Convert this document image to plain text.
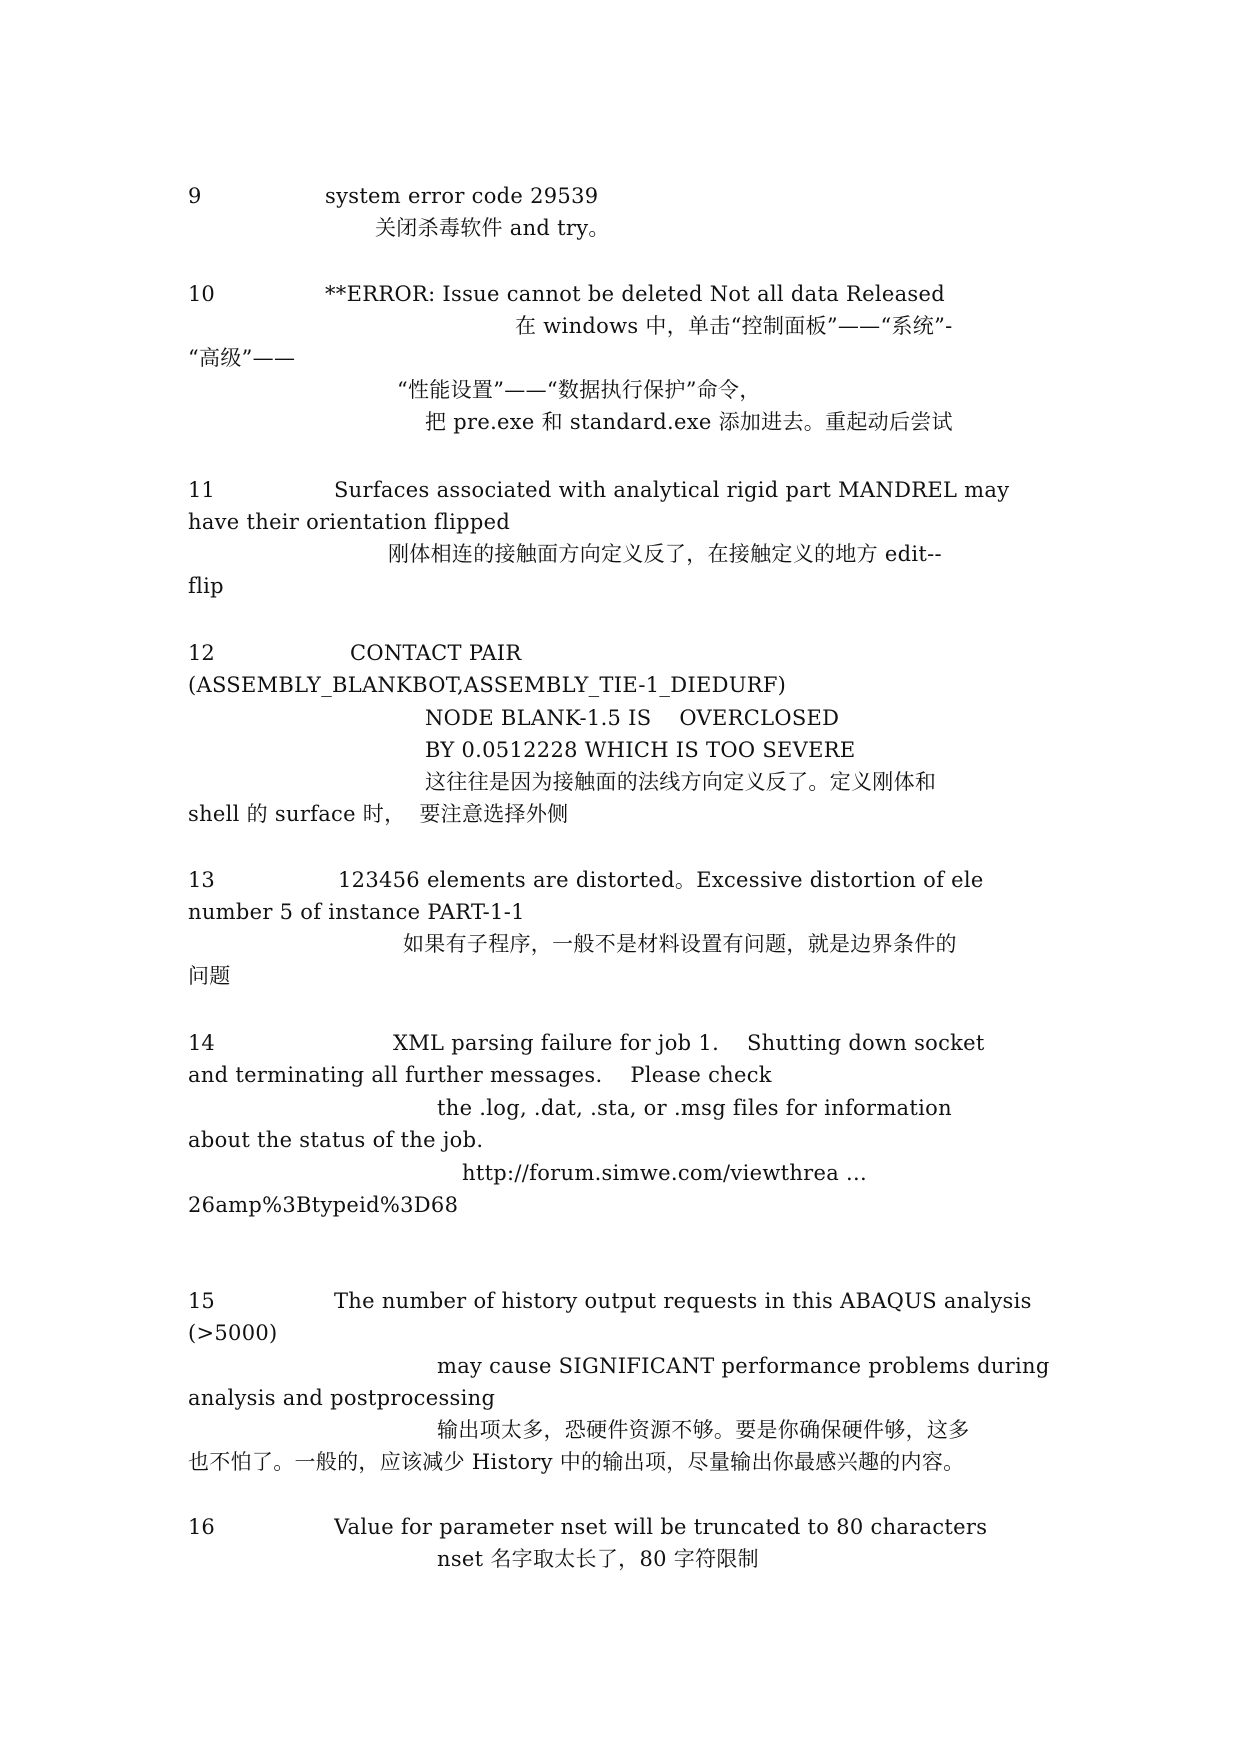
9	system error code 29539
关闭杀毒软件 and try。
10	**ERROR: Issue cannot be deleted Not all data Released
在 windows 中，单击“控制面板”——“系统”-
“高级”——
“性能设置”——“数据执行保护”命令，
把 pre.exe 和 standard.exe 添加进去。重起动后尝试
11	Surfaces associated with analytical rigid part MANDREL may
have their orientation flipped
刚体相连的接触面方向定义反了，在接触定义的地方 edit--
flip
12	CONTACT PAIR
(ASSEMBLY_BLANKBOT,ASSEMBLY_TIE-1_DIEDURF)
NODE BLANK-1.5 IS    OVERCLOSED
BY 0.0512228 WHICH IS TOO SEVERE
这往往是因为接触面的法线方向定义反了。定义刚体和
shell 的 surface 时，  要注意选择外侧
13	123456 elements are distorted。Excessive distortion of ele
number 5 of instance PART-1-1
如果有子程序，一般不是材料设置有问题，就是边界条件的
问题
14	XML parsing failure for job 1.    Shutting down socket
and terminating all further messages.    Please check
the .log, .dat, .sta, or .msg files for information
about the status of the job.
http://forum.simwe.com/viewthrea ...
26amp%3Btypeid%3D68
15	The number of history output requests in this ABAQUS analysis
(>5000)
may cause SIGNIFICANT performance problems during
analysis and postprocessing
输出项太多，恐硬件资源不够。要是你确保硬件够，这多
也不怕了。一般的，应该减少 History 中的输出项，尽量输出你最感兴趣的内容。
16	Value for parameter nset will be truncated to 80 characters
nset 名字取太长了，80 字符限制
